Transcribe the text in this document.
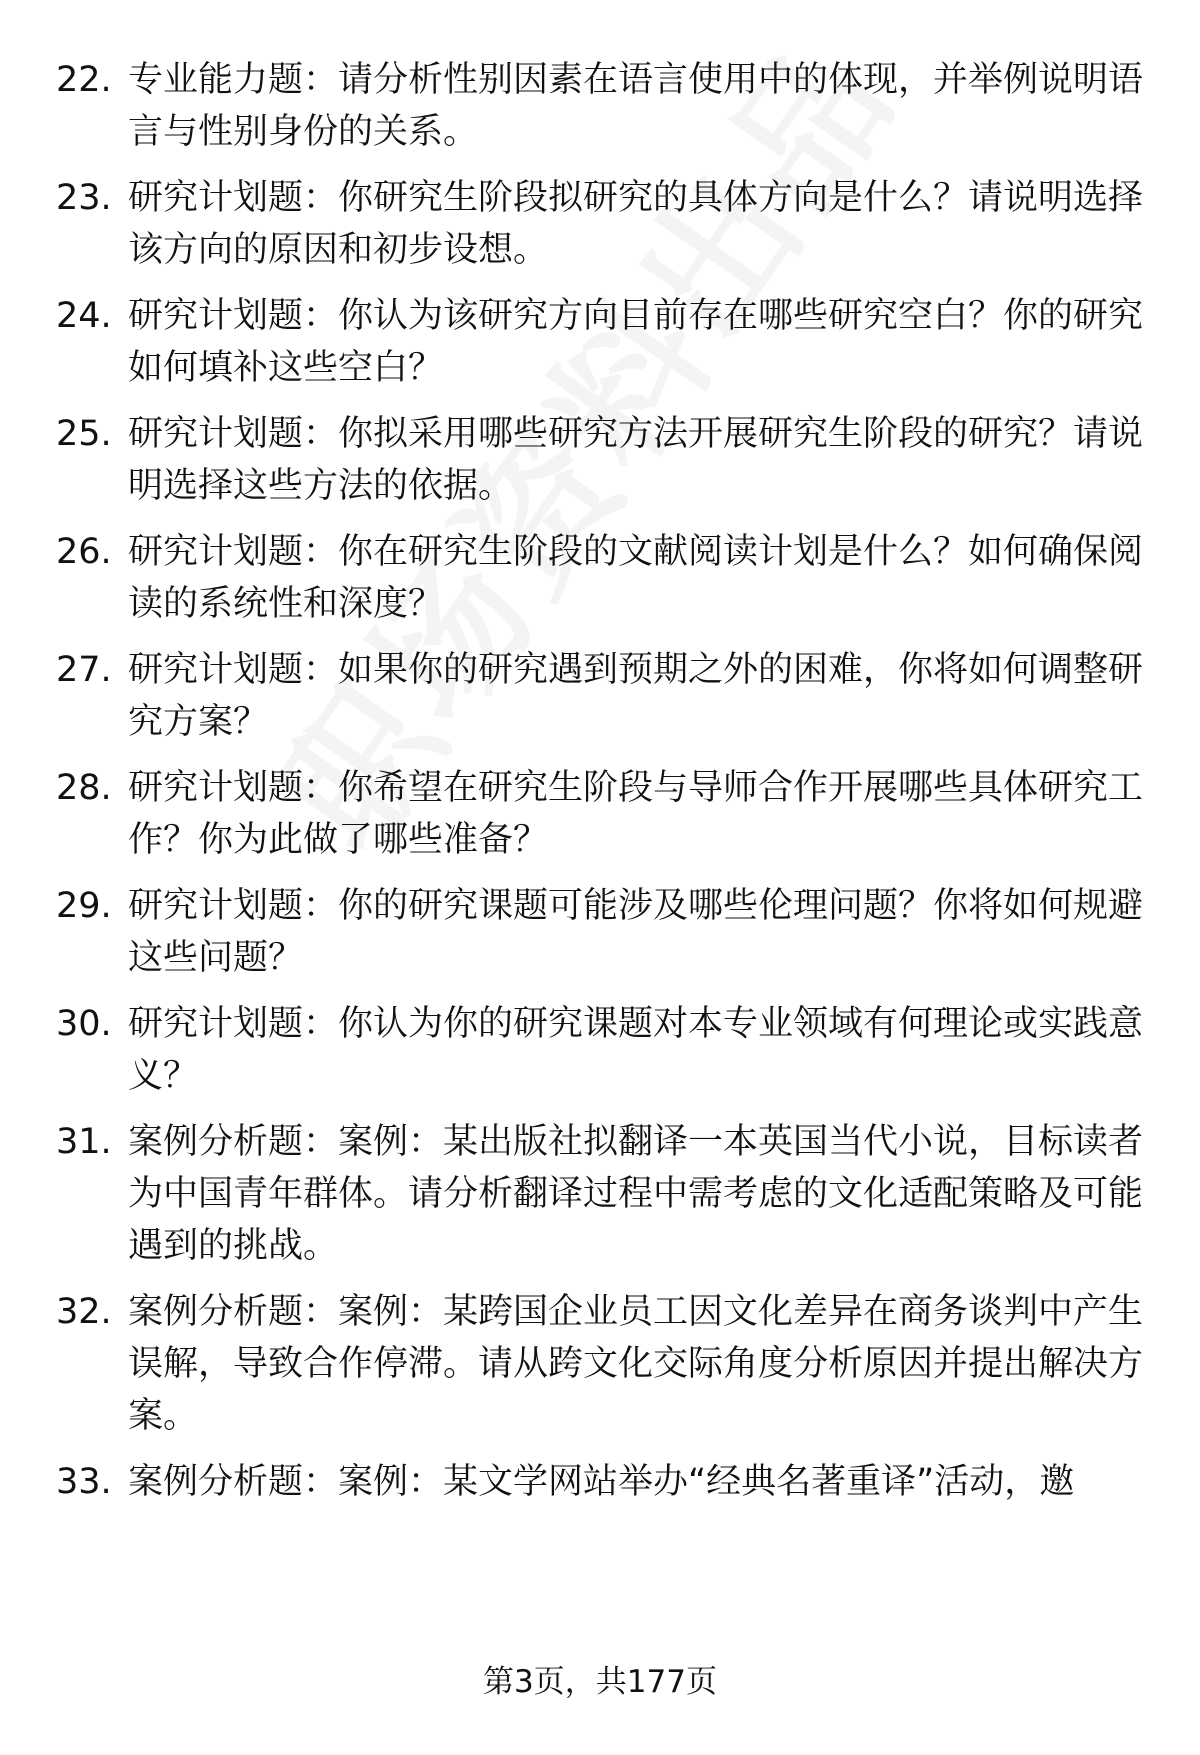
22. 专业能力题：请分析性别因素在语言使用中的体现，并举例说明语言与性别身份的关系。
23. 研究计划题：你研究生阶段拟研究的具体方向是什么？请说明选择该方向的原因和初步设想。
24. 研究计划题：你认为该研究方向目前存在哪些研究空白？你的研究如何填补这些空白？
25. 研究计划题：你拟采用哪些研究方法开展研究生阶段的研究？请说明选择这些方法的依据。
26. 研究计划题：你在研究生阶段的文献阅读计划是什么？如何确保阅读的系统性和深度？
27. 研究计划题：如果你的研究遇到预期之外的困难，你将如何调整研究方案？
28. 研究计划题：你希望在研究生阶段与导师合作开展哪些具体研究工作？你为此做了哪些准备？
29. 研究计划题：你的研究课题可能涉及哪些伦理问题？你将如何规避这些问题？
30. 研究计划题：你认为你的研究课题对本专业领域有何理论或实践意义？
31. 案例分析题：案例：某出版社拟翻译一本英国当代小说，目标读者为中国青年群体。请分析翻译过程中需考虑的文化适配策略及可能遇到的挑战。
32. 案例分析题：案例：某跨国企业员工因文化差异在商务谈判中产生误解，导致合作停滞。请从跨文化交际角度分析原因并提出解决方案。
33. 案例分析题：案例：某文学网站举办“经典名著重译”活动，邀
第3页，共177页
